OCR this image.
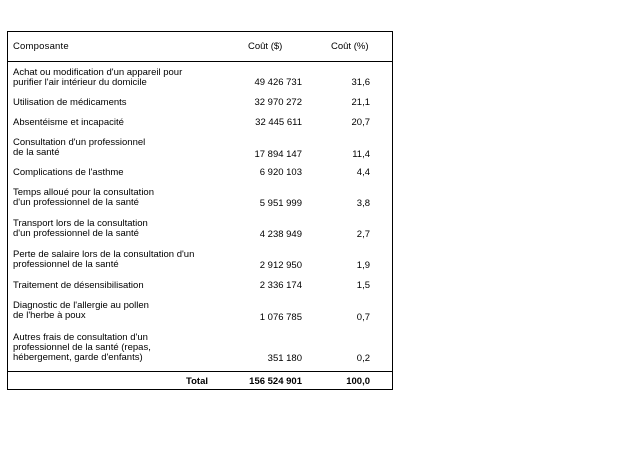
Composante	Coût ($)	Coût (%)
Achat ou modification d'un appareil pour
purifier l'air intérieur du domicile	49 426 731	31,6
Utilisation de médicaments	32 970 272	21,1
Absentéisme et incapacité	32 445 611	20,7
Consultation d'un professionnel
de la santé	17 894 147	11,4
Complications de l'asthme	6 920 103	4,4
Temps alloué pour la consultation
d'un professionnel de la santé	5 951 999	3,8
Transport lors de la consultation
d'un professionnel de la santé	4 238 949	2,7
Perte de salaire lors de la consultation d'un
professionnel de la santé	2 912 950	1,9
Traitement de désensibilisation	2 336 174	1,5
Diagnostic de l'allergie au pollen
de l'herbe à poux	1 076 785	0,7
Autres frais de consultation d'un
professionnel de la santé (repas,
hébergement, garde d'enfants)	351 180	0,2
Total	156 524 901	100,0
